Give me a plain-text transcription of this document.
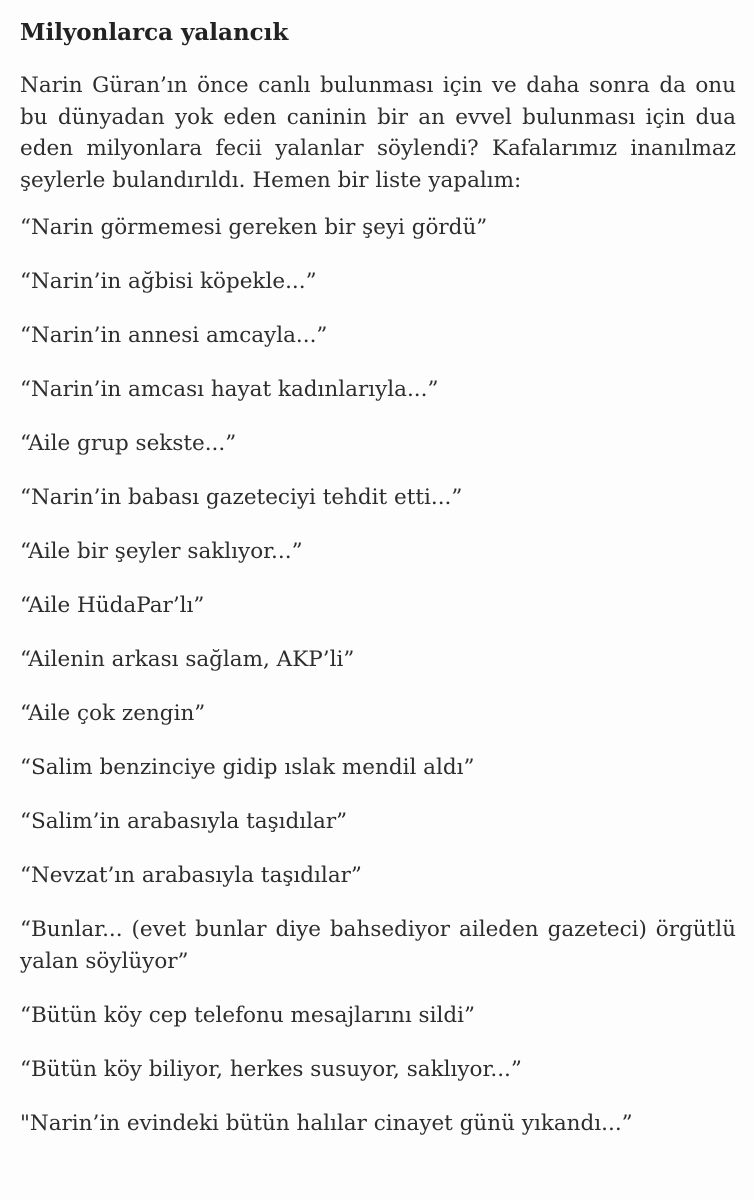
Milyonlarca yalancık

Narin Güran’ın önce canlı bulunması için ve daha sonra da onu bu dünyadan yok eden caninin bir an evvel bulunması için dua eden milyonlara fecii yalanlar söylendi? Kafalarımız inanılmaz şeylerle bulandırıldı. Hemen bir liste yapalım:

“Narin görmemesi gereken bir şeyi gördü”
“Narin’in ağbisi köpekle...”
“Narin’in annesi amcayla...”
“Narin’in amcası hayat kadınlarıyla...”
“Aile grup sekste...”
“Narin’in babası gazeteciyi tehdit etti...”
“Aile bir şeyler saklıyor...”
“Aile HüdaPar’lı”
“Ailenin arkası sağlam, AKP’li”
“Aile çok zengin”
“Salim benzinciye gidip ıslak mendil aldı”
“Salim’in arabasıyla taşıdılar”
“Nevzat’ın arabasıyla taşıdılar”
“Bunlar... (evet bunlar diye bahsediyor aileden gazeteci) örgütlü yalan söylüyor”
“Bütün köy cep telefonu mesajlarını sildi”
“Bütün köy biliyor, herkes susuyor, saklıyor...”
"Narin’in evindeki bütün halılar cinayet günü yıkandı...”
